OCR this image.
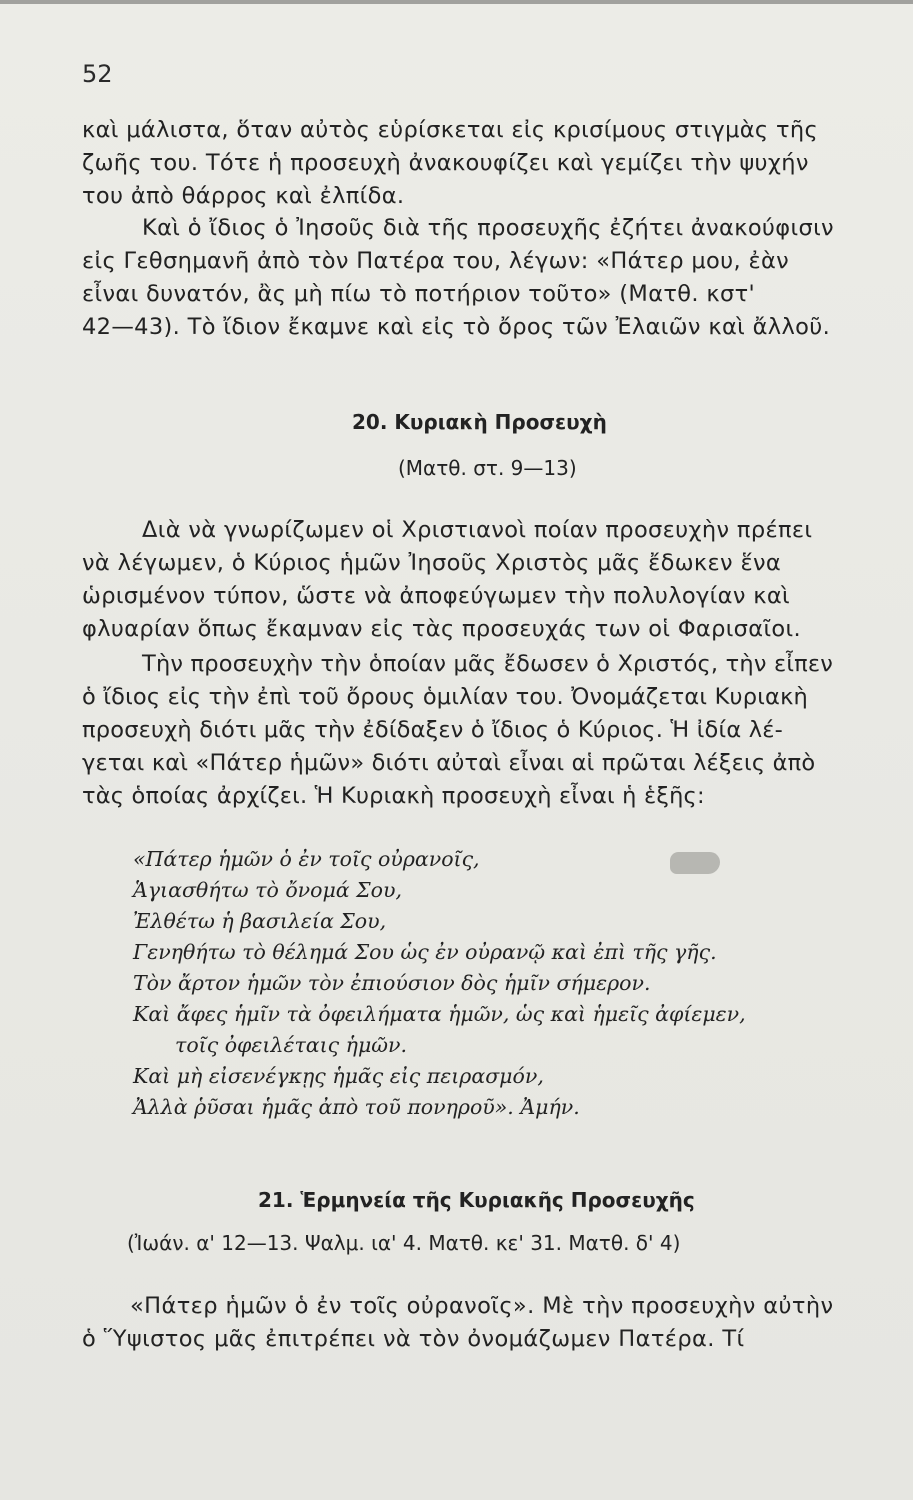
52
καὶ μάλιστα, ὅταν αὐτὸς εὑρίσκεται εἰς κρισίμους στιγμὰς τῆς
ζωῆς του. Τότε ἡ προσευχὴ ἀνακουφίζει καὶ γεμίζει τὴν ψυχήν
του ἀπὸ θάρρος καὶ ἐλπίδα.
Καὶ ὁ ἴδιος ὁ Ἰησοῦς διὰ τῆς προσευχῆς ἐζήτει ἀνακούφισιν
εἰς Γεθσημανῆ ἀπὸ τὸν Πατέρα του, λέγων: «Πάτερ μου, ἐὰν
εἶναι δυνατόν, ἂς μὴ πίω τὸ ποτήριον τοῦτο» (Ματθ. κστ'
42—43). Τὸ ἴδιον ἔκαμνε καὶ εἰς τὸ ὄρος τῶν Ἐλαιῶν καὶ ἄλλοῦ.
20. Κυριακὴ Προσευχὴ
(Ματθ. στ. 9—13)
Διὰ νὰ γνωρίζωμεν οἱ Χριστιανοὶ ποίαν προσευχὴν πρέπει
νὰ λέγωμεν, ὁ Κύριος ἡμῶν Ἰησοῦς Χριστὸς μᾶς ἔδωκεν ἕνα
ὡρισμένον τύπον, ὥστε νὰ ἀποφεύγωμεν τὴν πολυλογίαν καὶ
φλυαρίαν ὅπως ἔκαμναν εἰς τὰς προσευχάς των οἱ Φαρισαῖοι.
Τὴν προσευχὴν τὴν ὁποίαν μᾶς ἔδωσεν ὁ Χριστός, τὴν εἶπεν
ὁ ἴδιος εἰς τὴν ἐπὶ τοῦ ὄρους ὁμιλίαν του. Ὀνομάζεται Κυριακὴ
προσευχὴ διότι μᾶς τὴν ἐδίδαξεν ὁ ἴδιος ὁ Κύριος. Ἡ ἰδία λέ-
γεται καὶ «Πάτερ ἡμῶν» διότι αὐταὶ εἶναι αἱ πρῶται λέξεις ἀπὸ
τὰς ὁποίας ἀρχίζει. Ἡ Κυριακὴ προσευχὴ εἶναι ἡ ἑξῆς:
«Πάτερ ἡμῶν ὁ ἐν τοῖς οὐρανοῖς,
Ἁγιασθήτω τὸ ὄνομά Σου,
Ἐλθέτω ἡ βασιλεία Σου,
Γενηθήτω τὸ θέλημά Σου ὡς ἐν οὐρανῷ καὶ ἐπὶ τῆς γῆς.
Τὸν ἄρτον ἡμῶν τὸν ἐπιούσιον δὸς ἡμῖν σήμερον.
Καὶ ἄφες ἡμῖν τὰ ὀφειλήματα ἡμῶν, ὡς καὶ ἡμεῖς ἀφίεμεν,
τοῖς ὀφειλέταις ἡμῶν.
Καὶ μὴ εἰσενέγκῃς ἡμᾶς εἰς πειρασμόν,
Ἀλλὰ ῥῦσαι ἡμᾶς ἀπὸ τοῦ πονηροῦ». Ἀμήν.
21. Ἑρμηνεία τῆς Κυριακῆς Προσευχῆς
(Ἰωάν. α' 12—13. Ψαλμ. ια' 4. Ματθ. κε' 31. Ματθ. δ' 4)
«Πάτερ ἡμῶν ὁ ἐν τοῖς οὐρανοῖς». Μὲ τὴν προσευχὴν αὐτὴν
ὁ Ὕψιστος μᾶς ἐπιτρέπει νὰ τὸν ὀνομάζωμεν Πατέρα. Τί
